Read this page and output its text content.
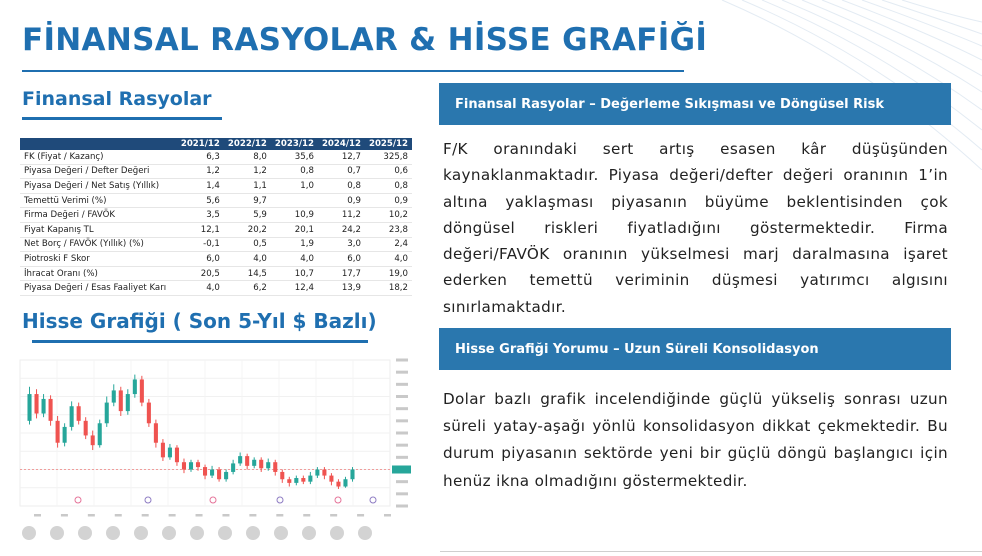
FİNANSAL RASYOLAR & HİSSE GRAFİĞİ
Finansal Rasyolar
	2021/12	2022/12	2023/12	2024/12	2025/12
FK (Fiyat / Kazanç)	6,3	8,0	35,6	12,7	325,8
Piyasa Değeri / Defter Değeri	1,2	1,2	0,8	0,7	0,6
Piyasa Değeri / Net Satış (Yıllık)	1,4	1,1	1,0	0,8	0,8
Temettü Verimi (%)	5,6	9,7		0,9	0,9
Firma Değeri / FAVÖK	3,5	5,9	10,9	11,2	10,2
Fiyat Kapanış TL	12,1	20,2	20,1	24,2	23,8
Net Borç / FAVÖK (Yıllık) (%)	-0,1	0,5	1,9	3,0	2,4
Piotroski F Skor	6,0	4,0	4,0	6,0	4,0
İhracat Oranı (%)	20,5	14,5	10,7	17,7	19,0
Piyasa Değeri / Esas Faaliyet Karı	4,0	6,2	12,4	13,9	18,2
Hisse Grafiği ( Son 5-Yıl $ Bazlı)
Finansal Rasyolar – Değerleme Sıkışması ve Döngüsel Risk

F/K oranındaki sert artış esasen kâr düşüşünden kaynaklanmaktadır. Piyasa değeri/defter değeri oranının 1’in altına yaklaşması piyasanın büyüme beklentisinden çok döngüsel riskleri fiyatladığını göstermektedir. Firma değeri/FAVÖK oranının yükselmesi marj daralmasına işaret ederken temettü veriminin düşmesi yatırımcı algısını sınırlamaktadır.

Hisse Grafiği Yorumu – Uzun Süreli Konsolidasyon

Dolar bazlı grafik incelendiğinde güçlü yükseliş sonrası uzun süreli yatay-aşağı yönlü konsolidasyon dikkat çekmektedir. Bu durum piyasanın sektörde yeni bir güçlü döngü başlangıcı için henüz ikna olmadığını göstermektedir.
